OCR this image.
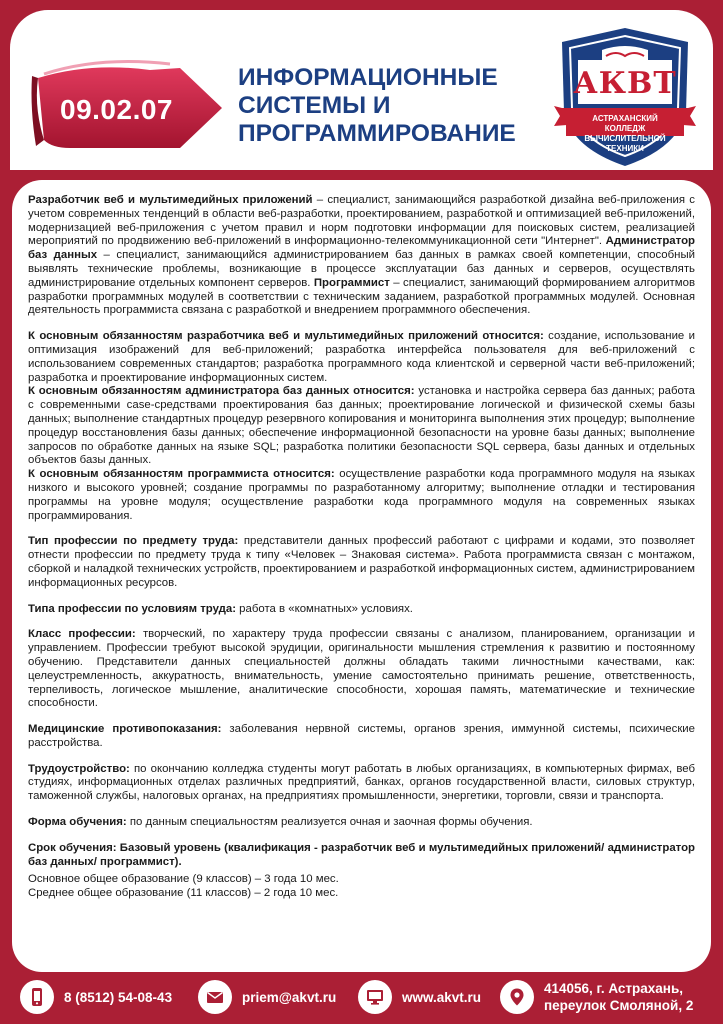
09.02.07
ИНФОРМАЦИОННЫЕ
СИСТЕМЫ И
ПРОГРАММИРОВАНИЕ
АКВТ
АСТРАХАНСКИЙ КОЛЛЕДЖ
ВЫЧИСЛИТЕЛЬНОЙ ТЕХНИКИ

Разработчик веб и мультимедийных приложений – специалист, занимающийся разработкой дизайна веб-приложения с учетом современных тенденций в области веб-разработки, проектированием, разработкой и оптимизацией веб-приложений, модернизацией веб-приложения с учетом правил и норм подготовки информации для поисковых систем, реализацией мероприятий по продвижению веб-приложений в информационно-телекоммуникационной сети "Интернет". Администратор баз данных – специалист, занимающийся администрированием баз данных в рамках своей компетенции, способный выявлять технические проблемы, возникающие в процессе эксплуатации баз данных и серверов, осуществлять администрирование отдельных компонент серверов. Программист – специалист, занимающий формированием алгоритмов разработки программных модулей в соответствии с техническим заданием, разработкой программных модулей. Основная деятельность программиста связана с разработкой и внедрением программного обеспечения.

К основным обязанностям разработчика веб и мультимедийных приложений относится: создание, использование и оптимизация изображений для веб-приложений; разработка интерфейса пользователя для веб-приложений с использованием современных стандартов; разработка программного кода клиентской и серверной части веб-приложений; разработка и проектирование информационных систем.

К основным обязанностям администратора баз данных относится: установка и настройка сервера баз данных; работа с современными case-средствами проектирования баз данных; проектирование логической и физической схемы базы данных; выполнение стандартных процедур резервного копирования и мониторинга выполнения этих процедур; выполнение процедур восстановления базы данных; обеспечение информационной безопасности на уровне базы данных; выполнение запросов по обработке данных на языке SQL; разработка политики безопасности SQL сервера, базы данных и отдельных объектов базы данных.

К основным обязанностям программиста относится: осуществление разработки кода программного модуля на языках низкого и высокого уровней; создание программы по разработанному алгоритму; выполнение отладки и тестирования программы на уровне модуля; осуществление разработки кода программного модуля на современных языках программирования.

Тип профессии по предмету труда: представители данных профессий работают с цифрами и кодами, это позволяет отнести профессии по предмету труда к типу «Человек – Знаковая система». Работа программиста связан с монтажом, сборкой и наладкой технических устройств, проектированием и разработкой информационных систем, администрированием информационных ресурсов.

Типа профессии по условиям труда: работа в «комнатных» условиях.

Класс профессии: творческий, по характеру труда профессии связаны с анализом, планированием, организации и управлением. Профессии требуют высокой эрудиции, оригинальности мышления стремления к развитию и постоянному обучению. Представители данных специальностей должны обладать такими личностными качествами, как: целеустремленность, аккуратность, внимательность, умение самостоятельно принимать решение, ответственность, терпеливость, логическое мышление, аналитические способности, хорошая память, математические и технические способности.

Медицинские противопоказания: заболевания нервной системы, органов зрения, иммунной системы, психические расстройства.

Трудоустройство: по окончанию колледжа студенты могут работать в любых организациях, в компьютерных фирмах, веб студиях, информационных отделах различных предприятий, банках, органов государственной власти, силовых структур, таможенной службы, налоговых органах, на предприятиях промышленности, энергетики, торговли, связи и транспорта.

Форма обучения: по данным специальностям реализуется очная и заочная формы обучения.

Срок обучения: Базовый уровень (квалификация - разработчик веб и мультимедийных приложений/ администратор баз данных/ программист).

Основное общее образование (9 классов) – 3 года 10 мес.

Среднее общее образование (11 классов) – 2 года 10 мес.

8 (8512) 54-08-43	priem@akvt.ru	www.akvt.ru
414056, г. Астрахань,
переулок Смоляной, 2
